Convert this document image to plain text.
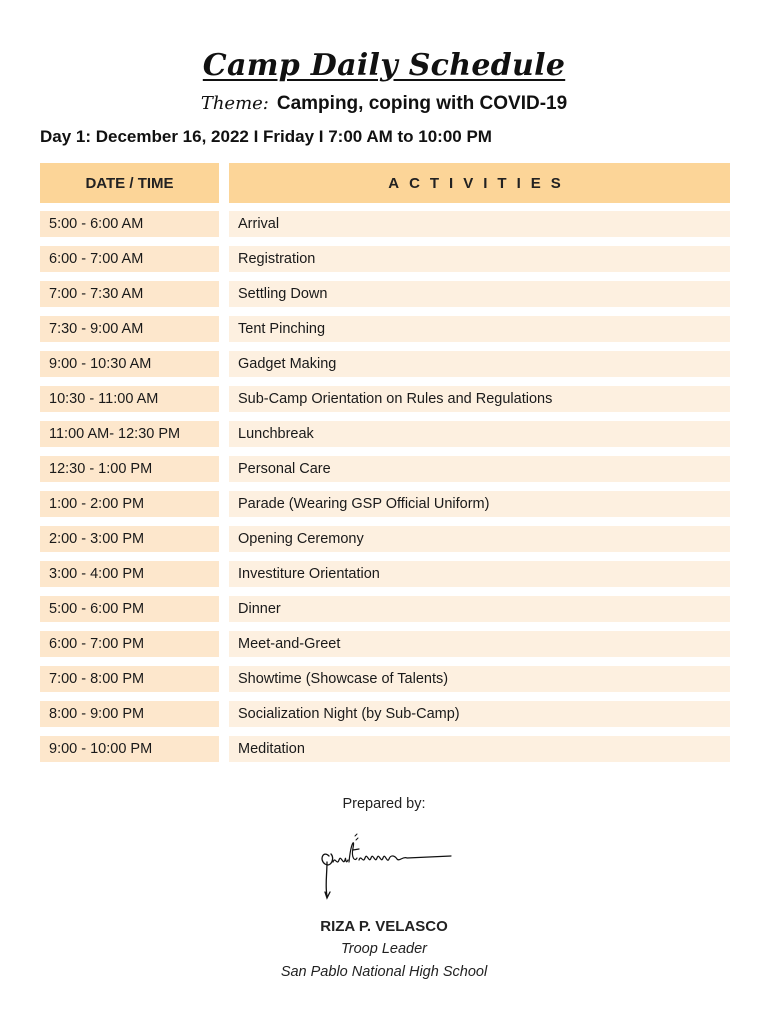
Camp Daily Schedule
Theme: Camping, coping with COVID-19
Day 1: December 16, 2022 I Friday I 7:00 AM to 10:00 PM
DATE / TIME	ACTIVITIES
5:00 - 6:00 AM	Arrival
6:00 - 7:00 AM	Registration
7:00 - 7:30 AM	Settling Down
7:30 - 9:00 AM	Tent Pinching
9:00 - 10:30 AM	Gadget Making
10:30 - 11:00 AM	Sub-Camp Orientation on Rules and Regulations
11:00 AM- 12:30 PM	Lunchbreak
12:30 - 1:00 PM	Personal Care
1:00 - 2:00 PM	Parade (Wearing GSP Official Uniform)
2:00 - 3:00 PM	Opening Ceremony
3:00 - 4:00 PM	Investiture Orientation
5:00 - 6:00 PM	Dinner
6:00 - 7:00 PM	Meet-and-Greet
7:00 - 8:00 PM	Showtime (Showcase of Talents)
8:00 - 9:00 PM	Socialization Night (by Sub-Camp)
9:00 - 10:00 PM	Meditation
Prepared by:
RIZA P. VELASCO
Troop Leader
San Pablo National High School
